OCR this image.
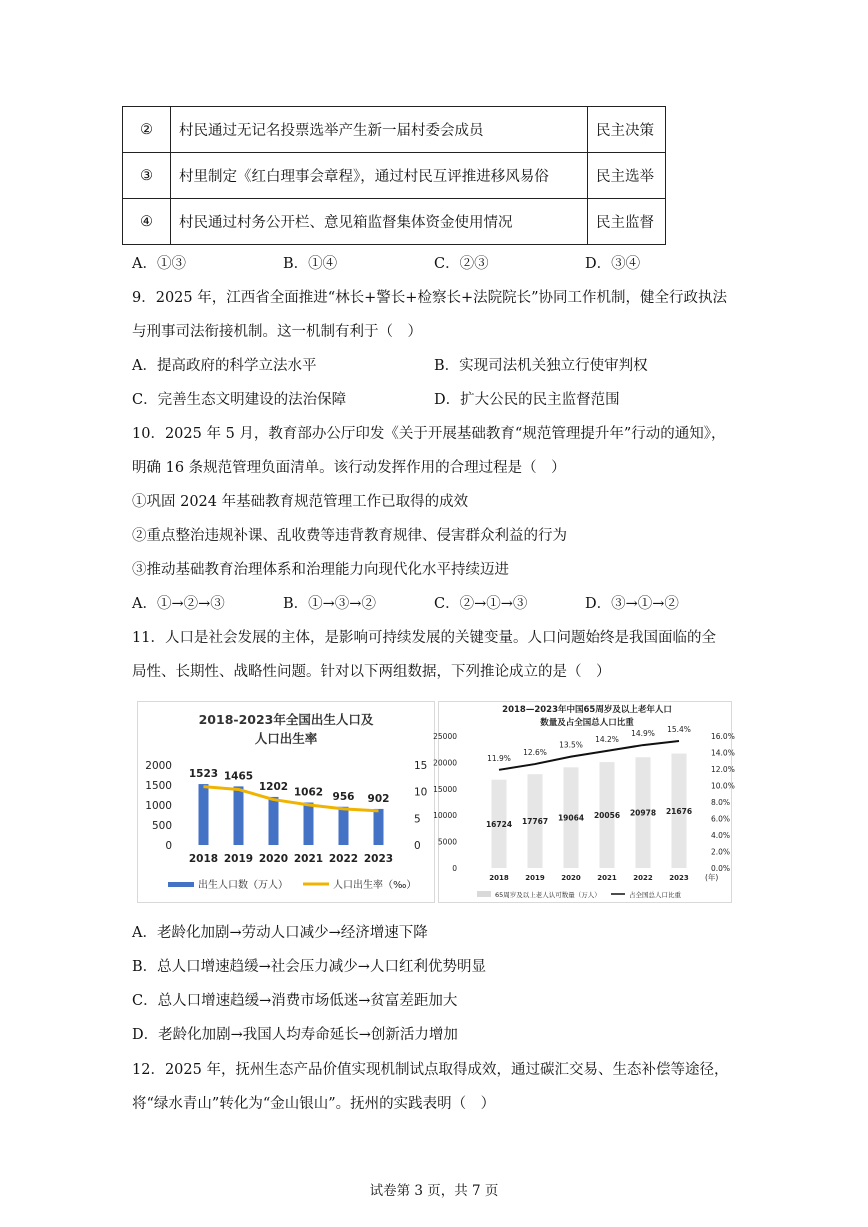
②	村民通过无记名投票选举产生新一届村委会成员	民主决策
③	村里制定《红白理事会章程》，通过村民互评推进移风易俗	民主选举
④	村民通过村务公开栏、意见箱监督集体资金使用情况	民主监督
A．①③	B．①④	C．②③	D．③④
9．2025 年，江西省全面推进“林长+警长+检察长+法院院长”协同工作机制，健全行政执法
与刑事司法衔接机制。这一机制有利于（　）
A．提高政府的科学立法水平	B．实现司法机关独立行使审判权
C．完善生态文明建设的法治保障	D．扩大公民的民主监督范围
10．2025 年 5 月，教育部办公厅印发《关于开展基础教育“规范管理提升年”行动的通知》，
明确 16 条规范管理负面清单。该行动发挥作用的合理过程是（　）
①巩固 2024 年基础教育规范管理工作已取得的成效
②重点整治违规补课、乱收费等违背教育规律、侵害群众利益的行为
③推动基础教育治理体系和治理能力向现代化水平持续迈进
A．①→②→③	B．①→③→②	C．②→①→③	D．③→①→②
11．人口是社会发展的主体，是影响可持续发展的关键变量。人口问题始终是我国面临的全
局性、长期性、战略性问题。针对以下两组数据，下列推论成立的是（　）
2018-2023年全国出生人口及
人口出生率
0
500
1000
1500
2000
0
5
10
15
1523
2018
1465
2019
1202
2020
1062
2021
956
2022
902
2023
出生人口数（万人）	人口出生率（‰）
2018—2023年中国65周岁及以上老年人口
数量及占全国总人口比重
0
5000
10000
15000
20000
25000
0.0%
2.0%
4.0%
6.0%
8.0%
10.0%
12.0%
14.0%
16.0%
16724
2018
11.9%
17767
2019
12.6%
19064
2020
13.5%
20056
2021
14.2%
20978
2022
14.9%
21676
2023
15.4%
(年)
65周岁及以上老人认可数量（万人）	占全国总人口比重
A．老龄化加剧→劳动人口减少→经济增速下降
B．总人口增速趋缓→社会压力减少→人口红利优势明显
C．总人口增速趋缓→消费市场低迷→贫富差距加大
D．老龄化加剧→我国人均寿命延长→创新活力增加
12．2025 年，抚州生态产品价值实现机制试点取得成效，通过碳汇交易、生态补偿等途径，
将“绿水青山”转化为“金山银山”。抚州的实践表明（　）
试卷第 3 页，共 7 页
